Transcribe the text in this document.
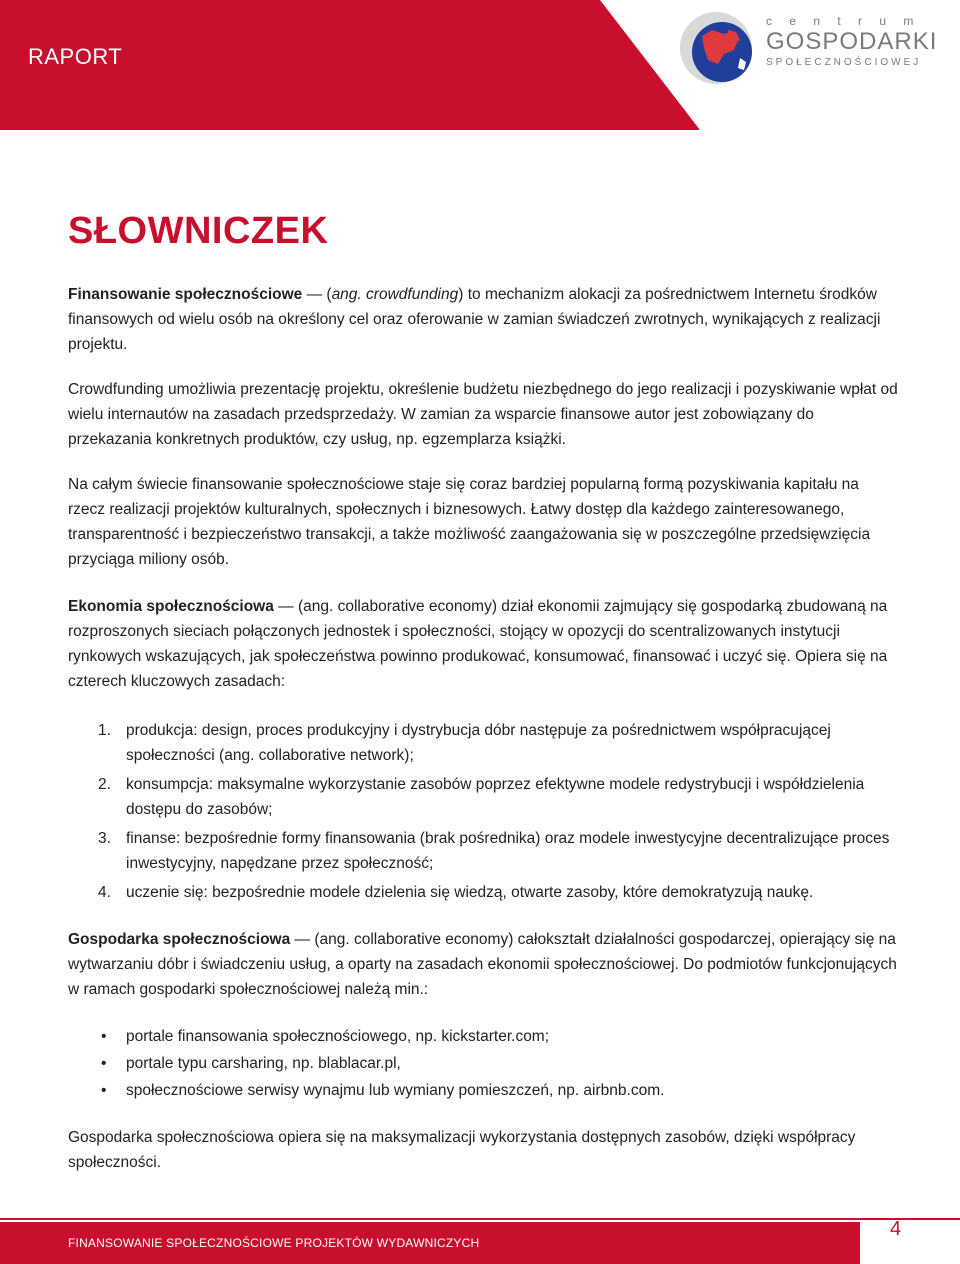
RAPORT
c e n t r u m
GOSPODARKI
SPOŁECZNOŚCIOWEJ
SŁOWNICZEK

Finansowanie społecznościowe — (ang. crowdfunding) to mechanizm alokacji za pośrednictwem Internetu środków finansowych od wielu osób na określony cel oraz oferowanie w zamian świadczeń zwrotnych, wynikających z realizacji projektu.

Crowdfunding umożliwia prezentację projektu, określenie budżetu niezbędnego do jego realizacji i pozyskiwanie wpłat od wielu internautów na zasadach przedsprzedaży. W zamian za wsparcie finansowe autor jest zobowiązany do przekazania konkretnych produktów, czy usług, np. egzemplarza książki.

Na całym świecie finansowanie społecznościowe staje się coraz bardziej popularną formą pozyskiwania kapitału na rzecz realizacji projektów kulturalnych, społecznych i biznesowych. Łatwy dostęp dla każdego zainteresowanego, transparentność i bezpieczeństwo transakcji, a także możliwość zaangażowania się w poszczególne przedsięwzięcia przyciąga miliony osób.

Ekonomia społecznościowa — (ang. collaborative economy) dział ekonomii zajmujący się gospodarką zbudowaną na rozproszonych sieciach połączonych jednostek i społeczności, stojący w opozycji do scentralizowanych instytucji rynkowych wskazujących, jak społeczeństwa powinno produkować, konsumować, finansować i uczyć się. Opiera się na czterech kluczowych zasadach:

1. produkcja: design, proces produkcyjny i dystrybucja dóbr następuje za pośrednictwem współpracującej społeczności (ang. collaborative network);
2. konsumpcja: maksymalne wykorzystanie zasobów poprzez efektywne modele redystrybucji i współdzielenia dostępu do zasobów;
3. finanse: bezpośrednie formy finansowania (brak pośrednika) oraz modele inwestycyjne decentralizujące proces inwestycyjny, napędzane przez społeczność;
4. uczenie się: bezpośrednie modele dzielenia się wiedzą, otwarte zasoby, które demokratyzują naukę.

Gospodarka społecznościowa — (ang. collaborative economy) całokształt działalności gospodarczej, opierający się na wytwarzaniu dóbr i świadczeniu usług, a oparty na zasadach ekonomii społecznościowej. Do podmiotów funkcjonujących w ramach gospodarki społecznościowej należą min.:

• portale finansowania społecznościowego, np. kickstarter.com;
• portale typu carsharing, np. blablacar.pl,
• społecznościowe serwisy wynajmu lub wymiany pomieszczeń, np. airbnb.com.

Gospodarka społecznościowa opiera się na maksymalizacji wykorzystania dostępnych zasobów, dzięki współpracy społeczności.

FINANSOWANIE SPOŁECZNOŚCIOWE PROJEKTÓW WYDAWNICZYCH
4
